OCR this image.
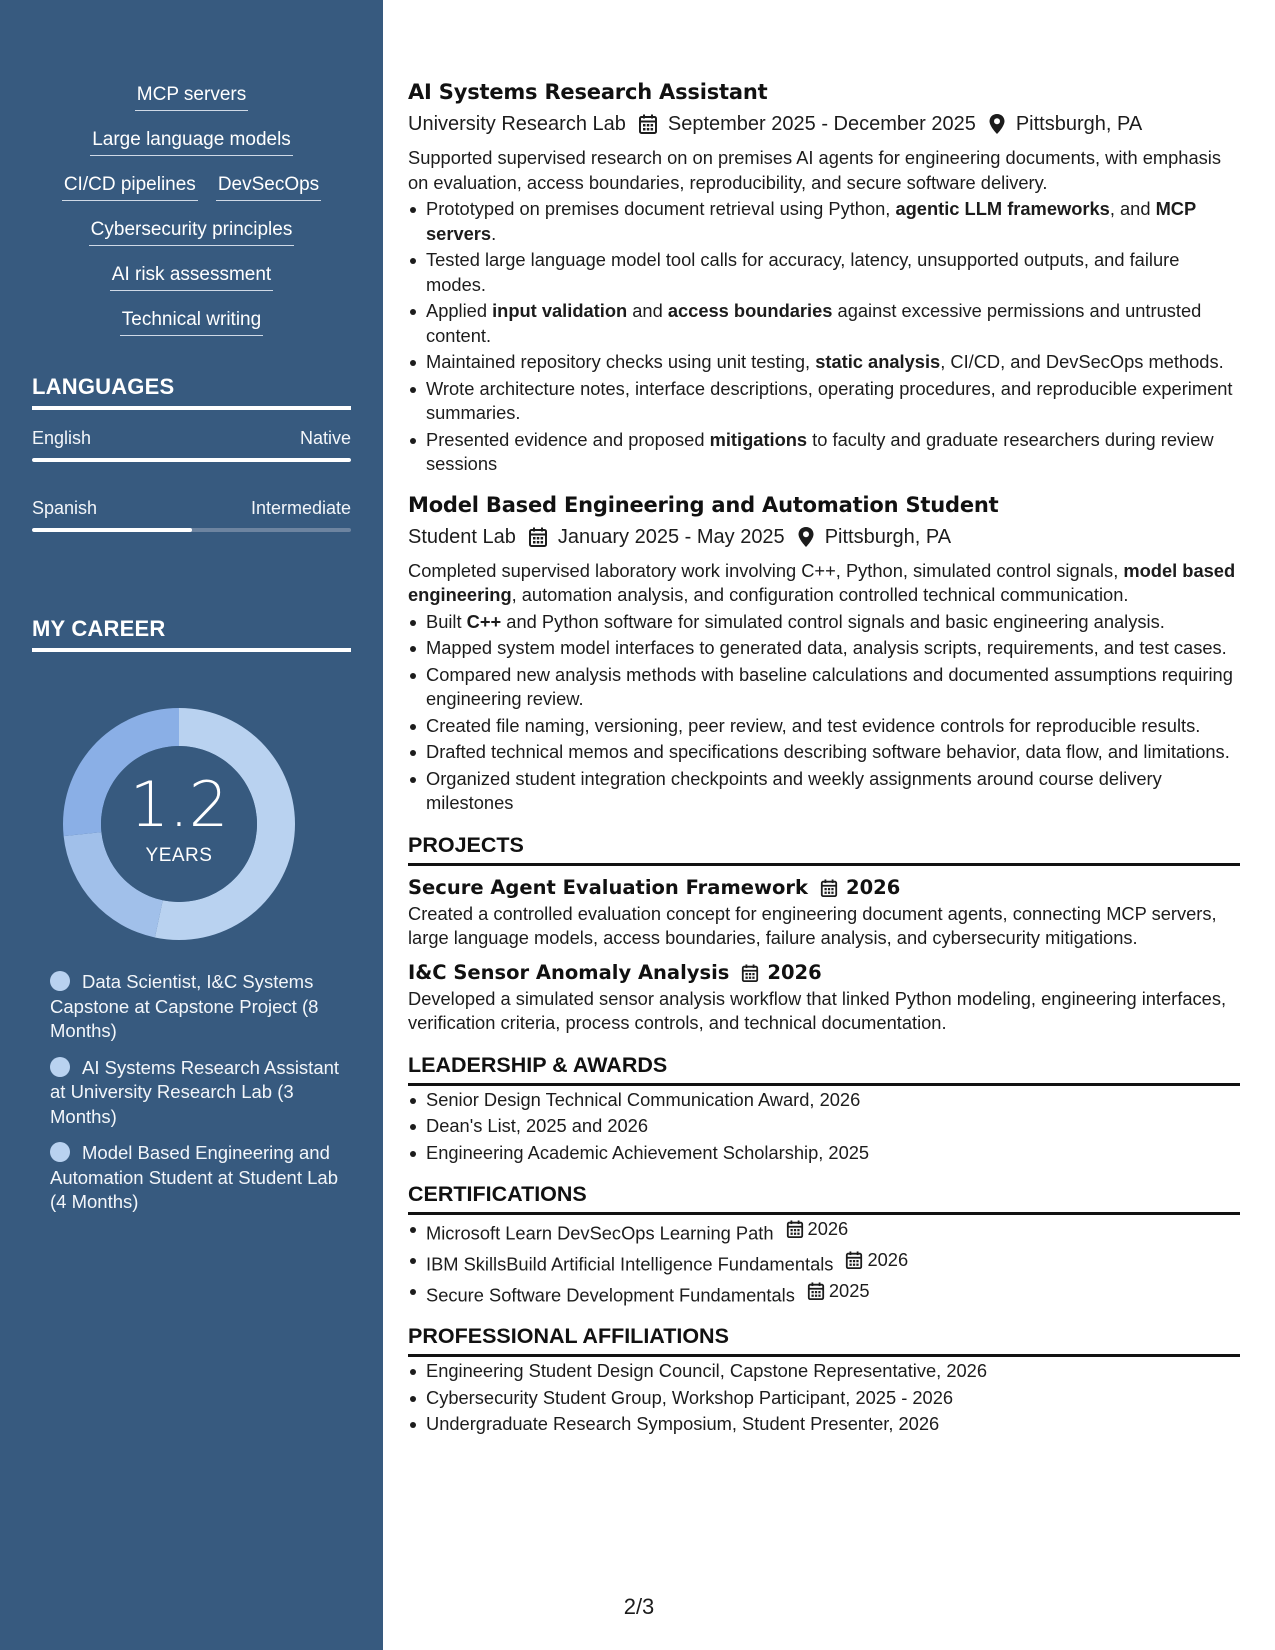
MCP servers
Large language models
CI/CD pipelines DevSecOps
Cybersecurity principles
AI risk assessment
Technical writing
LANGUAGES
English	Native
Spanish	Intermediate
MY CAREER
1.2
YEARS
Data Scientist, I&C Systems Capstone at Capstone Project (8 Months)
AI Systems Research Assistant at University Research Lab (3 Months)
Model Based Engineering and Automation Student at Student Lab (4 Months)
AI Systems Research Assistant
University Research Lab September 2025 - December 2025 Pittsburgh, PA

Supported supervised research on on premises AI agents for engineering documents, with emphasis on evaluation, access boundaries, reproducibility, and secure software delivery.

Prototyped on premises document retrieval using Python, agentic LLM frameworks, and MCP servers.
Tested large language model tool calls for accuracy, latency, unsupported outputs, and failure modes.
Applied input validation and access boundaries against excessive permissions and untrusted content.
Maintained repository checks using unit testing, static analysis, CI/CD, and DevSecOps methods.
Wrote architecture notes, interface descriptions, operating procedures, and reproducible experiment summaries.
Presented evidence and proposed mitigations to faculty and graduate researchers during review sessions
Model Based Engineering and Automation Student
Student Lab January 2025 - May 2025 Pittsburgh, PA

Completed supervised laboratory work involving C++, Python, simulated control signals, model based engineering, automation analysis, and configuration controlled technical communication.

Built C++ and Python software for simulated control signals and basic engineering analysis.
Mapped system model interfaces to generated data, analysis scripts, requirements, and test cases.
Compared new analysis methods with baseline calculations and documented assumptions requiring engineering review.
Created file naming, versioning, peer review, and test evidence controls for reproducible results.
Drafted technical memos and specifications describing software behavior, data flow, and limitations.
Organized student integration checkpoints and weekly assignments around course delivery milestones
PROJECTS
Secure Agent Evaluation Framework 2026

Created a controlled evaluation concept for engineering document agents, connecting MCP servers, large language models, access boundaries, failure analysis, and cybersecurity mitigations.

I&C Sensor Anomaly Analysis 2026

Developed a simulated sensor analysis workflow that linked Python modeling, engineering interfaces, verification criteria, process controls, and technical documentation.

LEADERSHIP & AWARDS
Senior Design Technical Communication Award, 2026
Dean's List, 2025 and 2026
Engineering Academic Achievement Scholarship, 2025
CERTIFICATIONS
Microsoft Learn DevSecOps Learning Path 2026
IBM SkillsBuild Artificial Intelligence Fundamentals 2026
Secure Software Development Fundamentals 2025
PROFESSIONAL AFFILIATIONS
Engineering Student Design Council, Capstone Representative, 2026
Cybersecurity Student Group, Workshop Participant, 2025 - 2026
Undergraduate Research Symposium, Student Presenter, 2026
2/3
